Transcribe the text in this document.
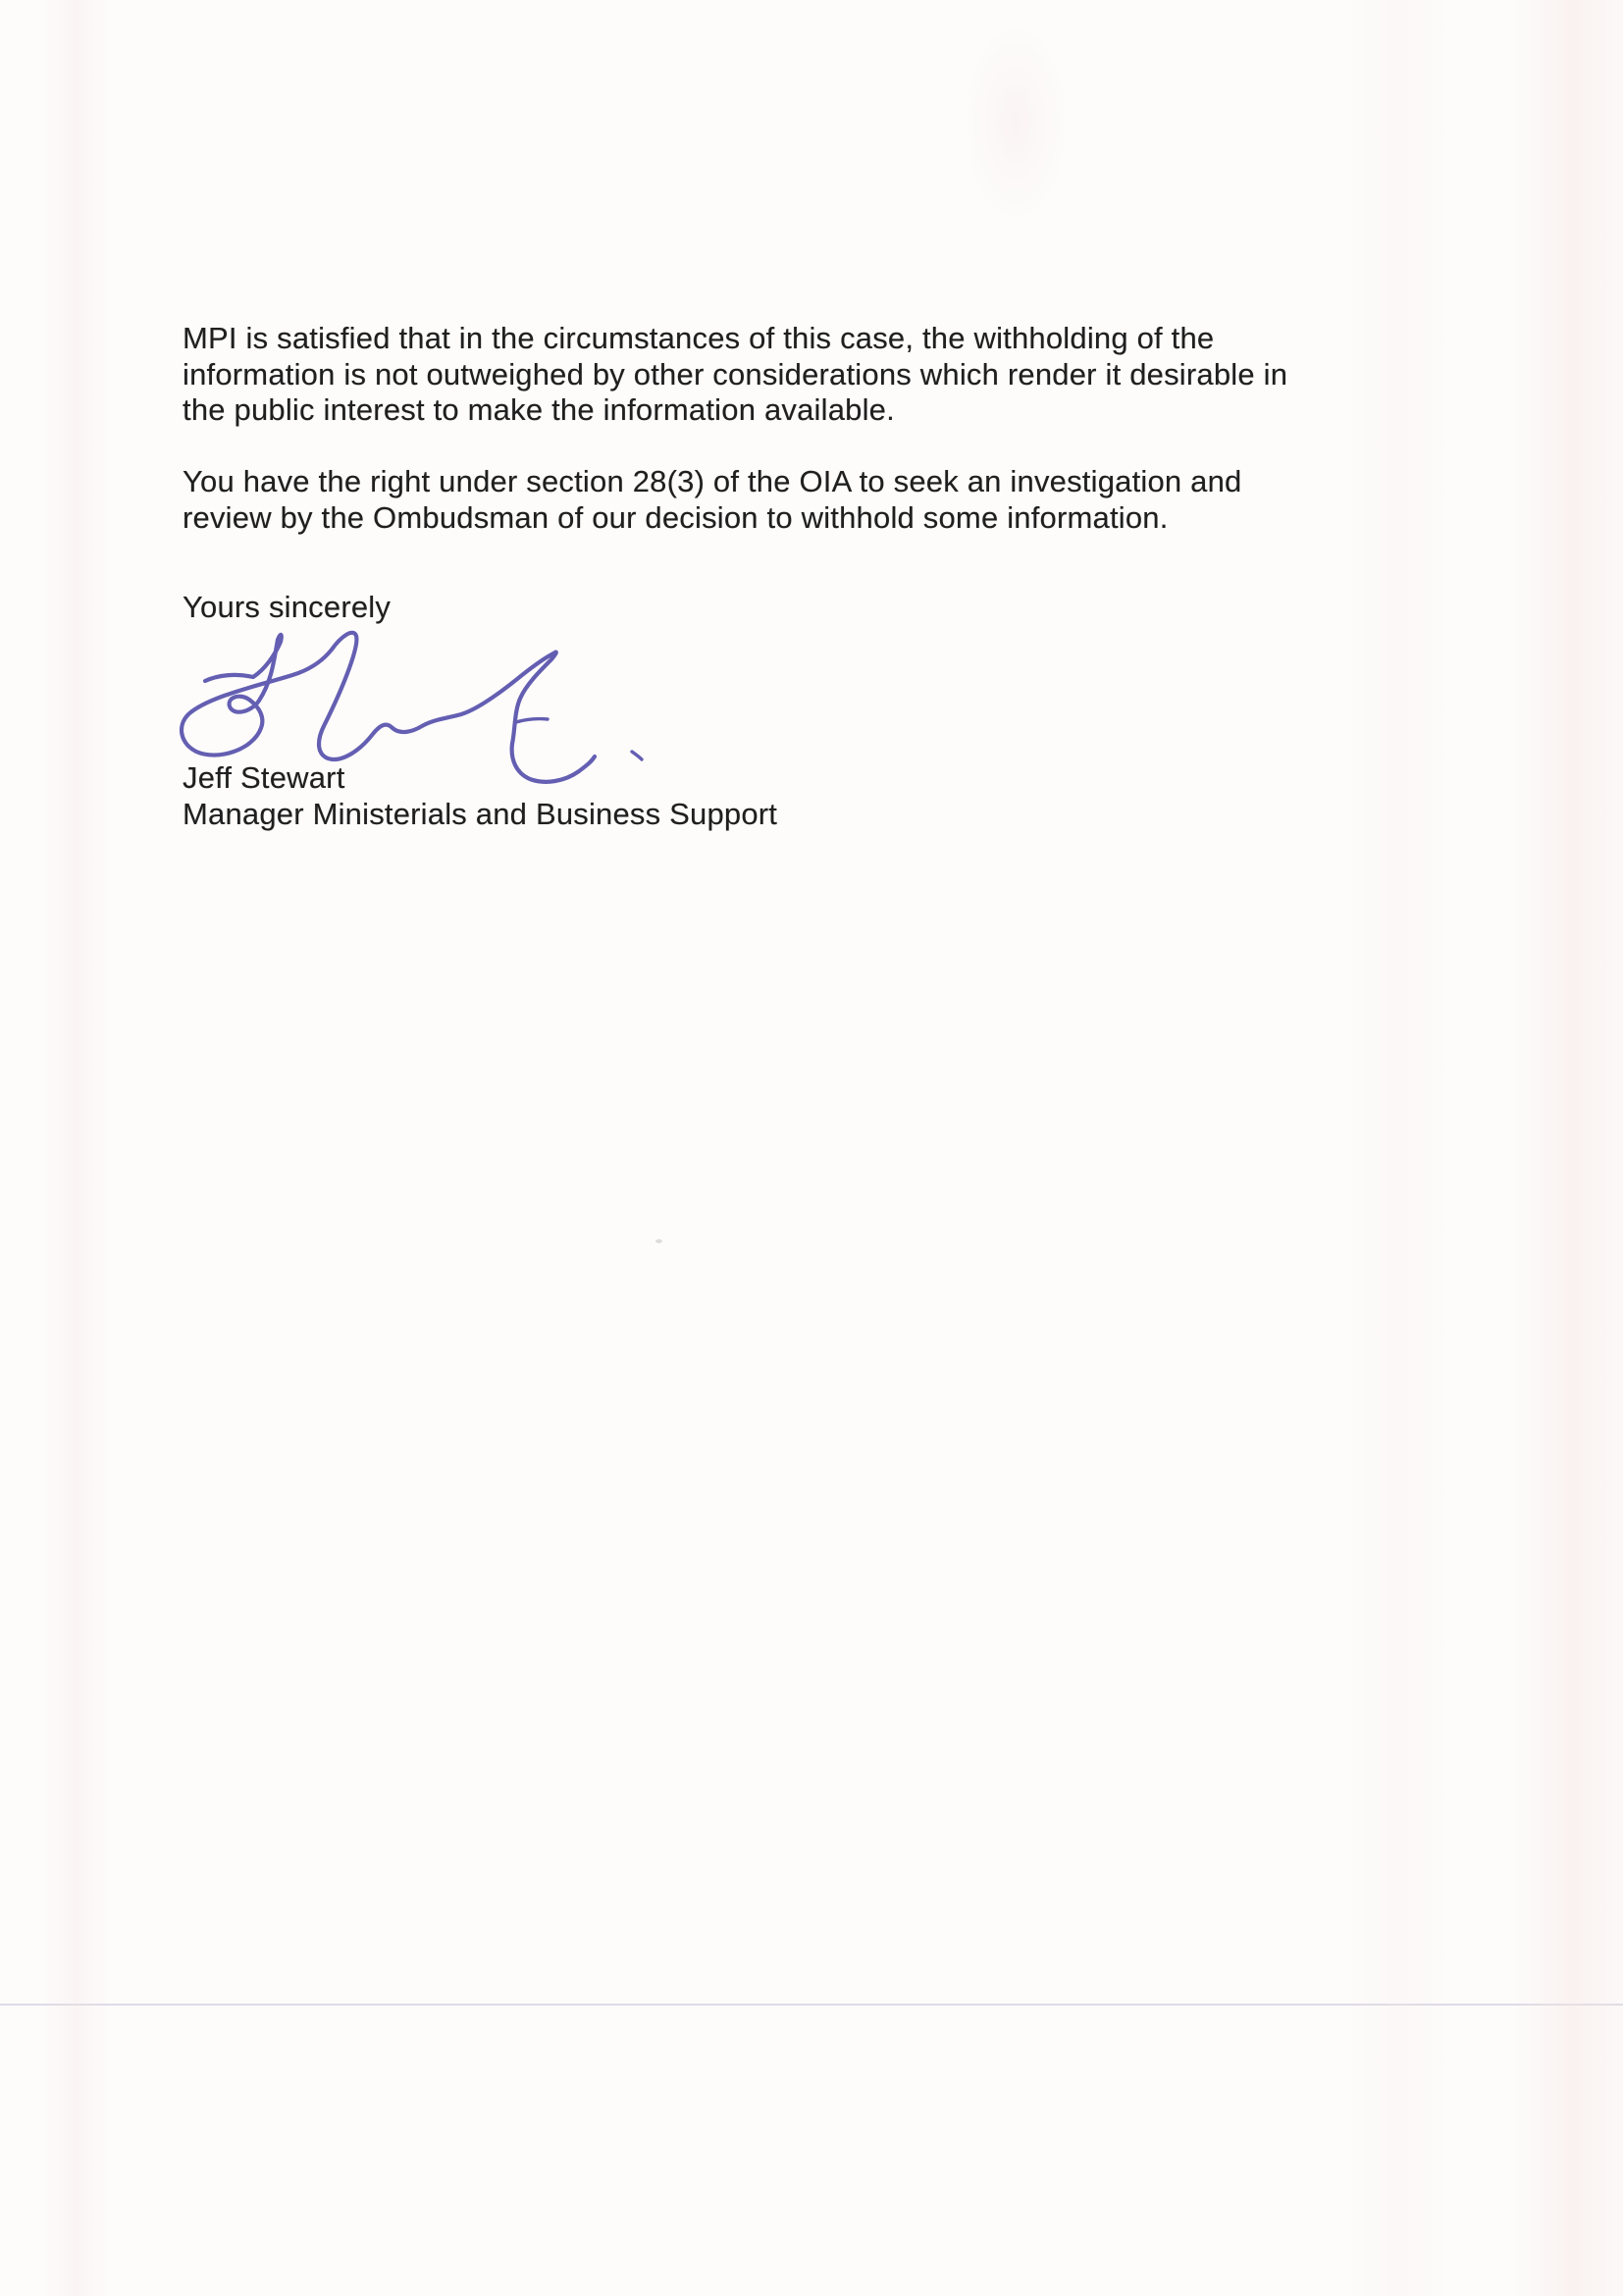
MPI is satisfied that in the circumstances of this case, the withholding of the
information is not outweighed by other considerations which render it desirable in
the public interest to make the information available.
You have the right under section 28(3) of the OIA to seek an investigation and
review by the Ombudsman of our decision to withhold some information.
Yours sincerely
Jeff Stewart
Manager Ministerials and Business Support
